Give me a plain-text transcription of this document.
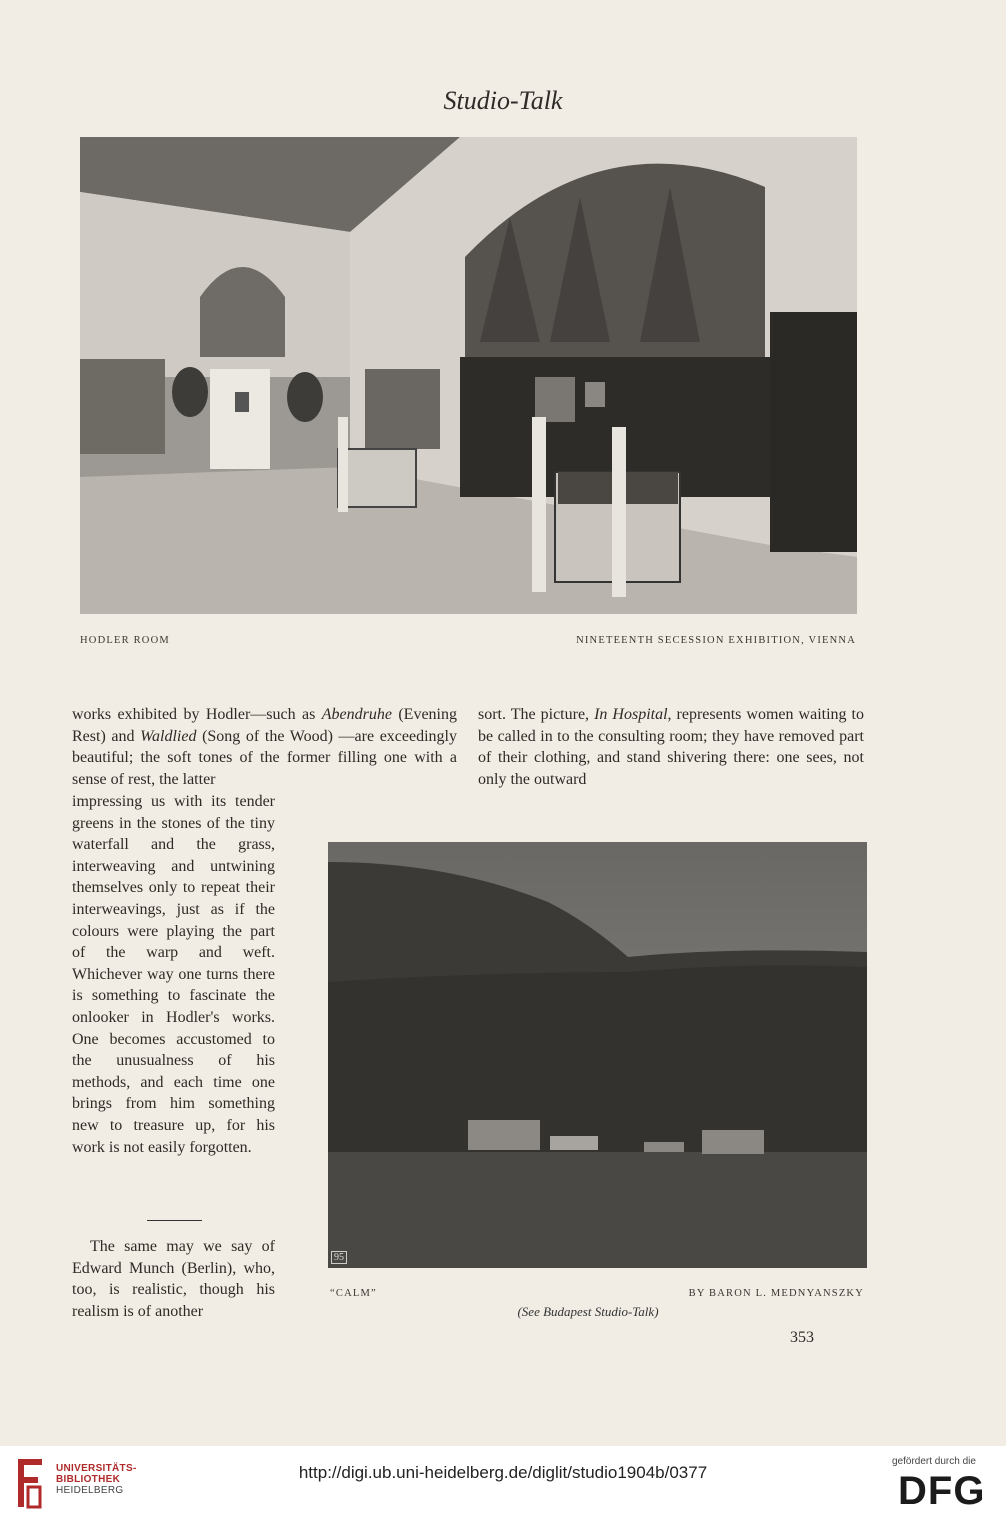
Studio-Talk
HODLER ROOM	NINETEENTH SECESSION EXHIBITION, VIENNA
works exhibited by Hodler—such as Abendruhe (Evening Rest) and Waldlied (Song of the Wood) —are exceedingly beautiful; the soft tones of the former filling one with a sense of rest, the latter
sort. The picture, In Hospital, represents women waiting to be called in to the consulting room; they have removed part of their clothing, and stand shivering there: one sees, not only the outward
impressing us with its tender greens in the stones of the tiny waterfall and the grass, interweaving and untwining themselves only to repeat their interweavings, just as if the colours were playing the part of the warp and weft. Whichever way one turns there is something to fascinate the onlooker in Hodler's works. One becomes accustomed to the unusualness of his methods, and each time one brings from him something new to treasure up, for his work is not easily forgotten.
The same may we say of Edward Munch (Berlin), who, too, is realistic, though his realism is of another
95
“CALM”	BY BARON L. MEDNYANSZKY
(See Budapest Studio-Talk)
353
UNIVERSITÄTS-
BIBLIOTHEK
HEIDELBERG
http://digi.ub.uni-heidelberg.de/diglit/studio1904b/0377
gefördert durch die
DFG
